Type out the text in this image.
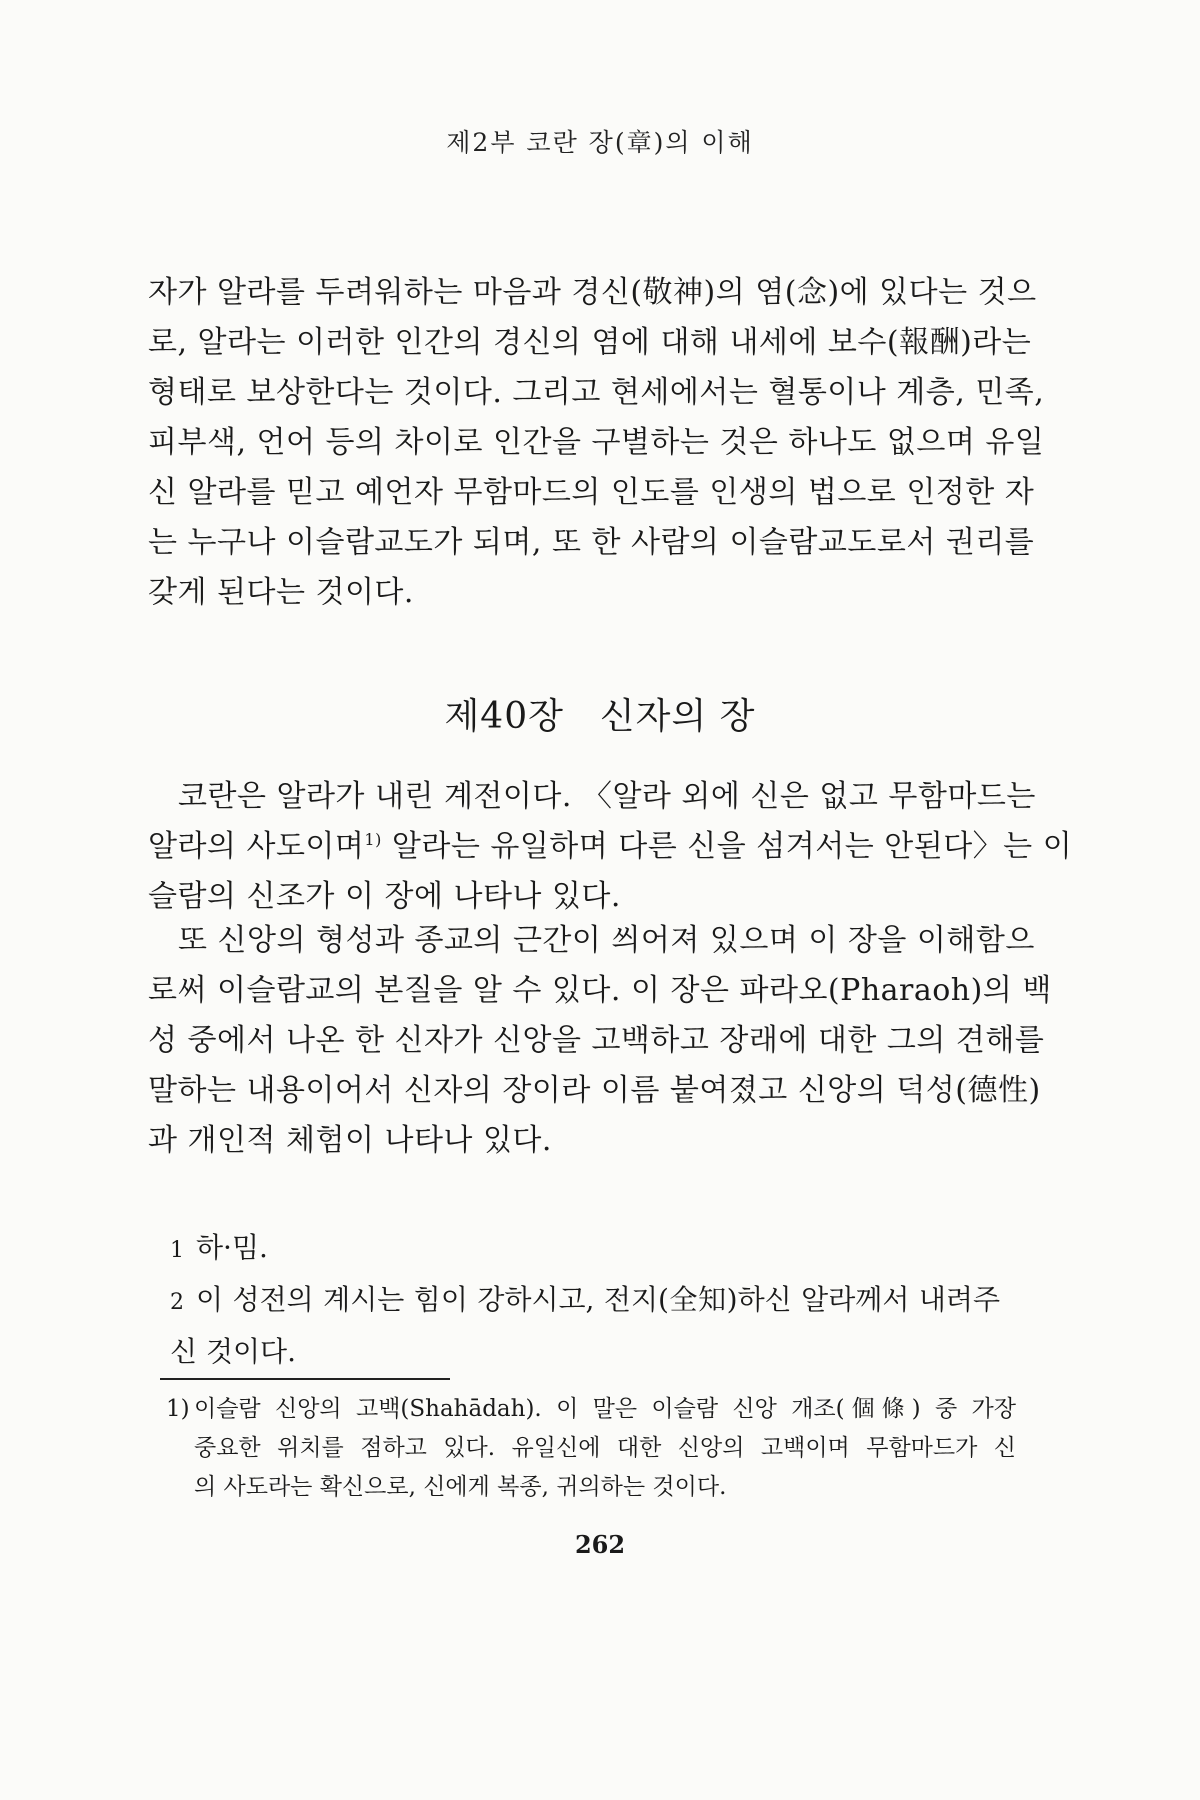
제2부 코란 장(章)의 이해
자가 알라를 두려워하는 마음과 경신(敬神)의 염(念)에 있다는 것으
로, 알라는 이러한 인간의 경신의 염에 대해 내세에 보수(報酬)라는
형태로 보상한다는 것이다. 그리고 현세에서는 혈통이나 계층, 민족,
피부색, 언어 등의 차이로 인간을 구별하는 것은 하나도 없으며 유일
신 알라를 믿고 예언자 무함마드의 인도를 인생의 법으로 인정한 자
는 누구나 이슬람교도가 되며, 또 한 사람의 이슬람교도로서 권리를
갖게 된다는 것이다.
제40장 신자의 장
코란은 알라가 내린 계전이다. 〈알라 외에 신은 없고 무함마드는
알라의 사도이며$^{1)}$ 알라는 유일하며 다른 신을 섬겨서는 안된다〉는 이
슬람의 신조가 이 장에 나타나 있다.
또 신앙의 형성과 종교의 근간이 씌어져 있으며 이 장을 이해함으
로써 이슬람교의 본질을 알 수 있다. 이 장은 파라오(Pharaoh)의 백
성 중에서 나온 한 신자가 신앙을 고백하고 장래에 대한 그의 견해를
말하는 내용이어서 신자의 장이라 이름 붙여졌고 신앙의 덕성(德性)
과 개인적 체험이 나타나 있다.
1 하·밈.
2 이 성전의 계시는 힘이 강하시고, 전지(全知)하신 알라께서 내려주
신 것이다.
1) 이슬람 신앙의 고백(Shahādah). 이 말은 이슬람 신앙 개조(個條) 중 가장
중요한 위치를 점하고 있다. 유일신에 대한 신앙의 고백이며 무함마드가 신
의 사도라는 확신으로, 신에게 복종, 귀의하는 것이다.
262
